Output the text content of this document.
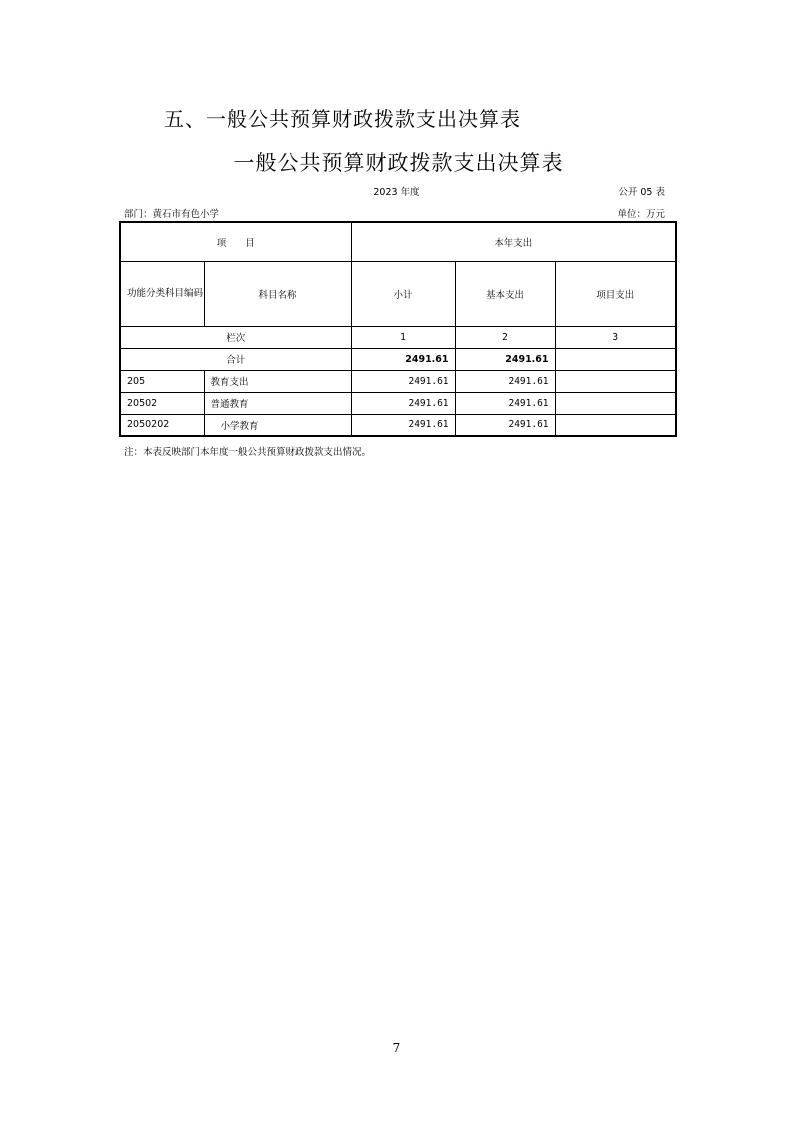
五、一般公共预算财政拨款支出决算表
一般公共预算财政拨款支出决算表
2023 年度	公开 05 表
部门：黄石市有色小学	单位：万元
项　　目		本年支出		
功能分类科目编码	科目名称	小计	基本支出	项目支出
栏次		1	2	3
合计		2491.61	2491.61	
205	教育支出	2491.61	2491.61	
20502	普通教育	2491.61	2491.61	
2050202	小学教育	2491.61	2491.61	
注：本表反映部门本年度一般公共预算财政拨款支出情况。
7
